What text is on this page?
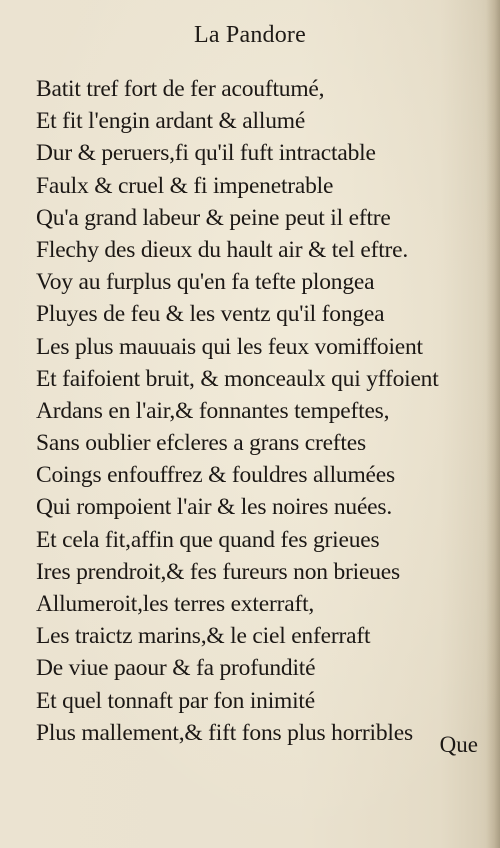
La Pandore
Batit tref fort de fer acouftumé,
Et fit l'engin ardant & allumé
Dur & peruers,fi qu'il fuft intractable
Faulx & cruel & fi impenetrable
Qu'a grand labeur & peine peut il eftre
Flechy des dieux du hault air & tel eftre.
Voy au furplus qu'en fa tefte plongea
Pluyes de feu & les ventz qu'il fongea
Les plus mauuais qui les feux vomiffoient
Et faifoient bruit, & monceaulx qui yffoient
Ardans en l'air,& fonnantes tempeftes,
Sans oublier efcleres a grans creftes
Coings enfouffrez & fouldres allumées
Qui rompoient l'air & les noires nuées.
Et cela fit,affin que quand fes grieues
Ires prendroit,& fes fureurs non brieues
Allumeroit,les terres exterraft,
Les traictz marins,& le ciel enferraft
De viue paour & fa profundité
Et quel tonnaft par fon inimité
Plus mallement,& fift fons plus horribles	Que
